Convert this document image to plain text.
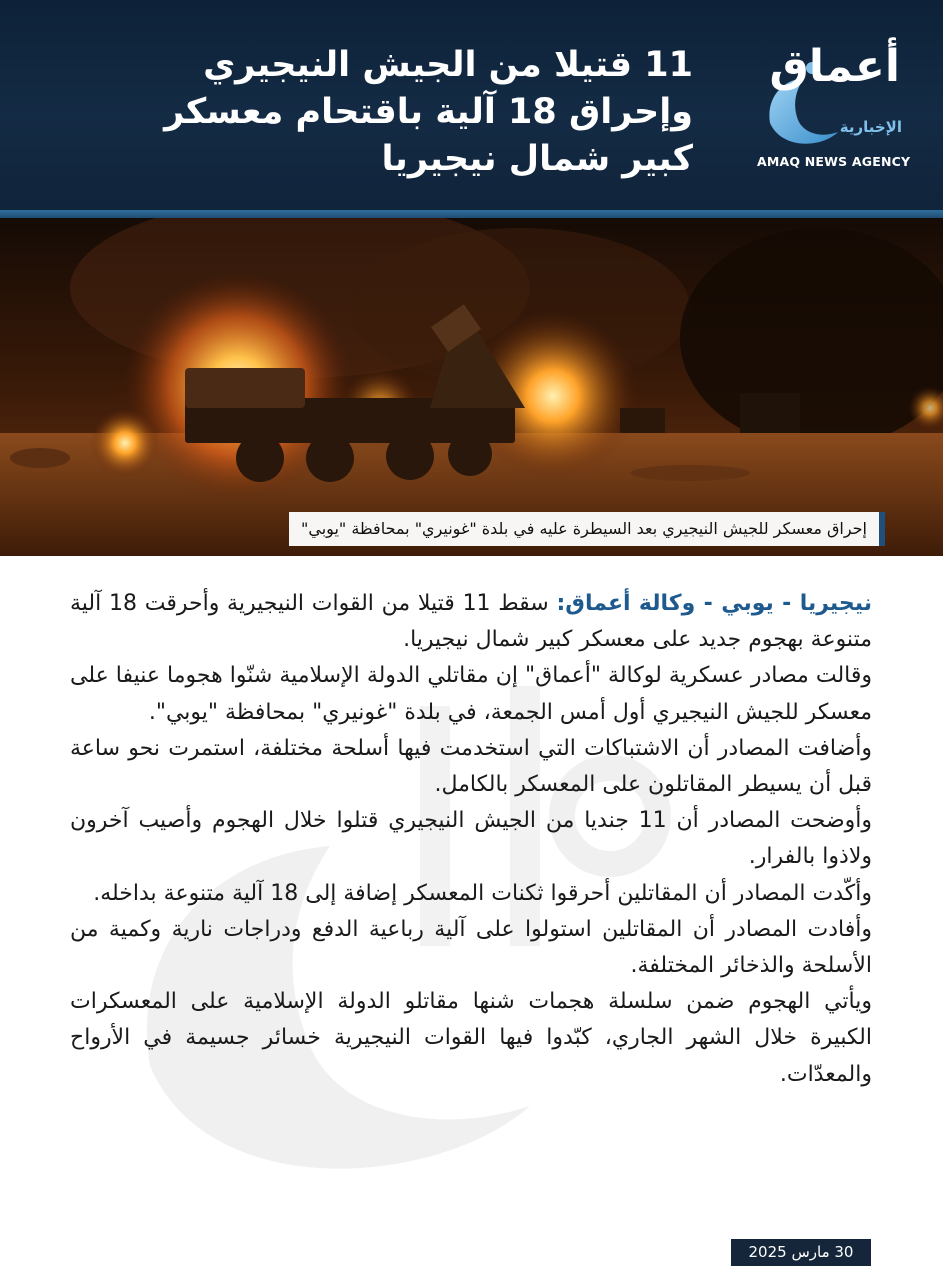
11 قتيلا من الجيش النيجيري
وإحراق 18 آلية باقتحام معسكر
كبير شمال نيجيريا
أعماق
الإخبارية
AMAQ NEWS AGENCY
إحراق معسكر للجيش النيجيري بعد السيطرة عليه في بلدة "غونيري" بمحافظة "يوبي"

نيجيريا - يوبي - وكالة أعماق: سقط 11 قتيلا من القوات النيجيرية وأحرقت 18 آلية متنوعة بهجوم جديد على معسكر كبير شمال نيجيريا.

وقالت مصادر عسكرية لوكالة "أعماق" إن مقاتلي الدولة الإسلامية شنّوا هجوما عنيفا على معسكر للجيش النيجيري أول أمس الجمعة، في بلدة "غونيري" بمحافظة "يوبي".

وأضافت المصادر أن الاشتباكات التي استخدمت فيها أسلحة مختلفة، استمرت نحو ساعة قبل أن يسيطر المقاتلون على المعسكر بالكامل.

وأوضحت المصادر أن 11 جنديا من الجيش النيجيري قتلوا خلال الهجوم وأصيب آخرون ولاذوا بالفرار.

وأكّدت المصادر أن المقاتلين أحرقوا ثكنات المعسكر إضافة إلى 18 آلية متنوعة بداخله.

وأفادت المصادر أن المقاتلين استولوا على آلية رباعية الدفع ودراجات نارية وكمية من الأسلحة والذخائر المختلفة.

ويأتي الهجوم ضمن سلسلة هجمات شنها مقاتلو الدولة الإسلامية على المعسكرات الكبيرة خلال الشهر الجاري، كبّدوا فيها القوات النيجيرية خسائر جسيمة في الأرواح والمعدّات.

30 مارس 2025
